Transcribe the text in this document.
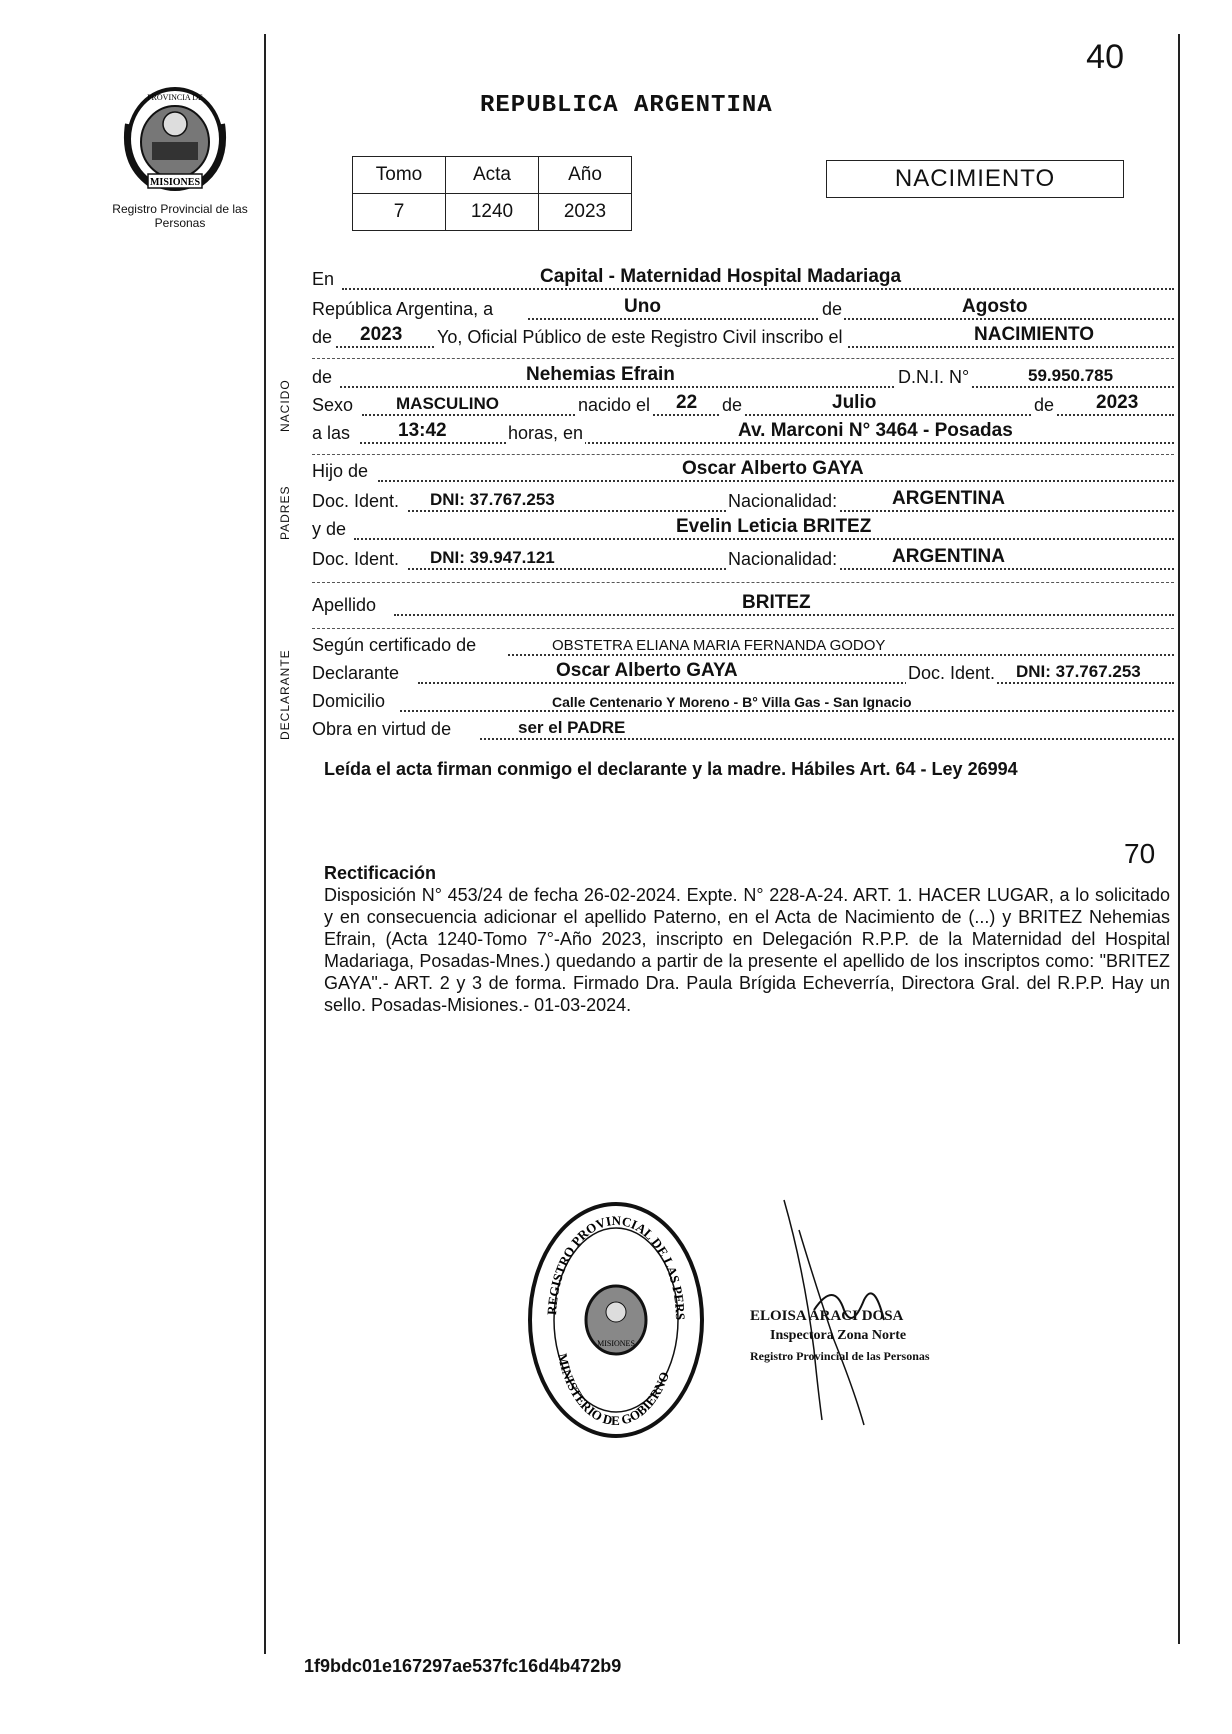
MISIONES
PROVINCIA DE
Registro Provincial de las Personas
REPUBLICA ARGENTINA
40
Tomo	Acta	Año
7	1240	2023
NACIMIENTO
NACIDO
PADRES
DECLARANTE
En	Capital - Maternidad Hospital Madariaga
República Argentina, a	Uno	de	Agosto
de 2023 Yo, Oficial Público de este Registro Civil inscribo el	NACIMIENTO
de	Nehemias Efrain	D.N.I. N°	59.950.785
Sexo	MASCULINO	nacido el 22 de	Julio	de 2023
a las	13:42	horas, en	Av. Marconi N° 3464 - Posadas
Hijo de	Oscar Alberto GAYA
Doc. Ident. DNI: 37.767.253	Nacionalidad:	ARGENTINA
y de	Evelin Leticia BRITEZ
Doc. Ident. DNI: 39.947.121	Nacionalidad:	ARGENTINA
Apellido	BRITEZ
Según certificado de	OBSTETRA ELIANA MARIA FERNANDA GODOY
Declarante	Oscar Alberto GAYA	Doc. Ident. DNI: 37.767.253
Domicilio	Calle Centenario Y Moreno - B° Villa Gas - San Ignacio
Obra en virtud de	ser el PADRE
Leída el acta firman conmigo el declarante y la madre. Hábiles Art. 64 - Ley 26994
70
Rectificación
Disposición N° 453/24 de fecha 26-02-2024. Expte. N° 228-A-24. ART. 1. HACER LUGAR, a lo solicitado y en consecuencia adicionar el apellido Paterno, en el Acta de Nacimiento de (...) y BRITEZ Nehemias Efrain, (Acta 1240-Tomo 7°-Año 2023, inscripto en Delegación R.P.P. de la Maternidad del Hospital Madariaga, Posadas-Mnes.) quedando a partir de la presente el apellido de los inscriptos como: "BRITEZ GAYA".- ART. 2 y 3 de forma. Firmado Dra. Paula Brígida Echeverría, Directora Gral. del R.P.P. Hay un sello. Posadas-Misiones.- 01-03-2024.
REGISTRO PROVINCIAL DE LAS PERS
MINISTERIO DE GOBIERNO
MISIONES
ELOISA ARACI DOSA
Inspectora Zona Norte
Registro Provincial de las Personas
1f9bdc01e167297ae537fc16d4b472b9
